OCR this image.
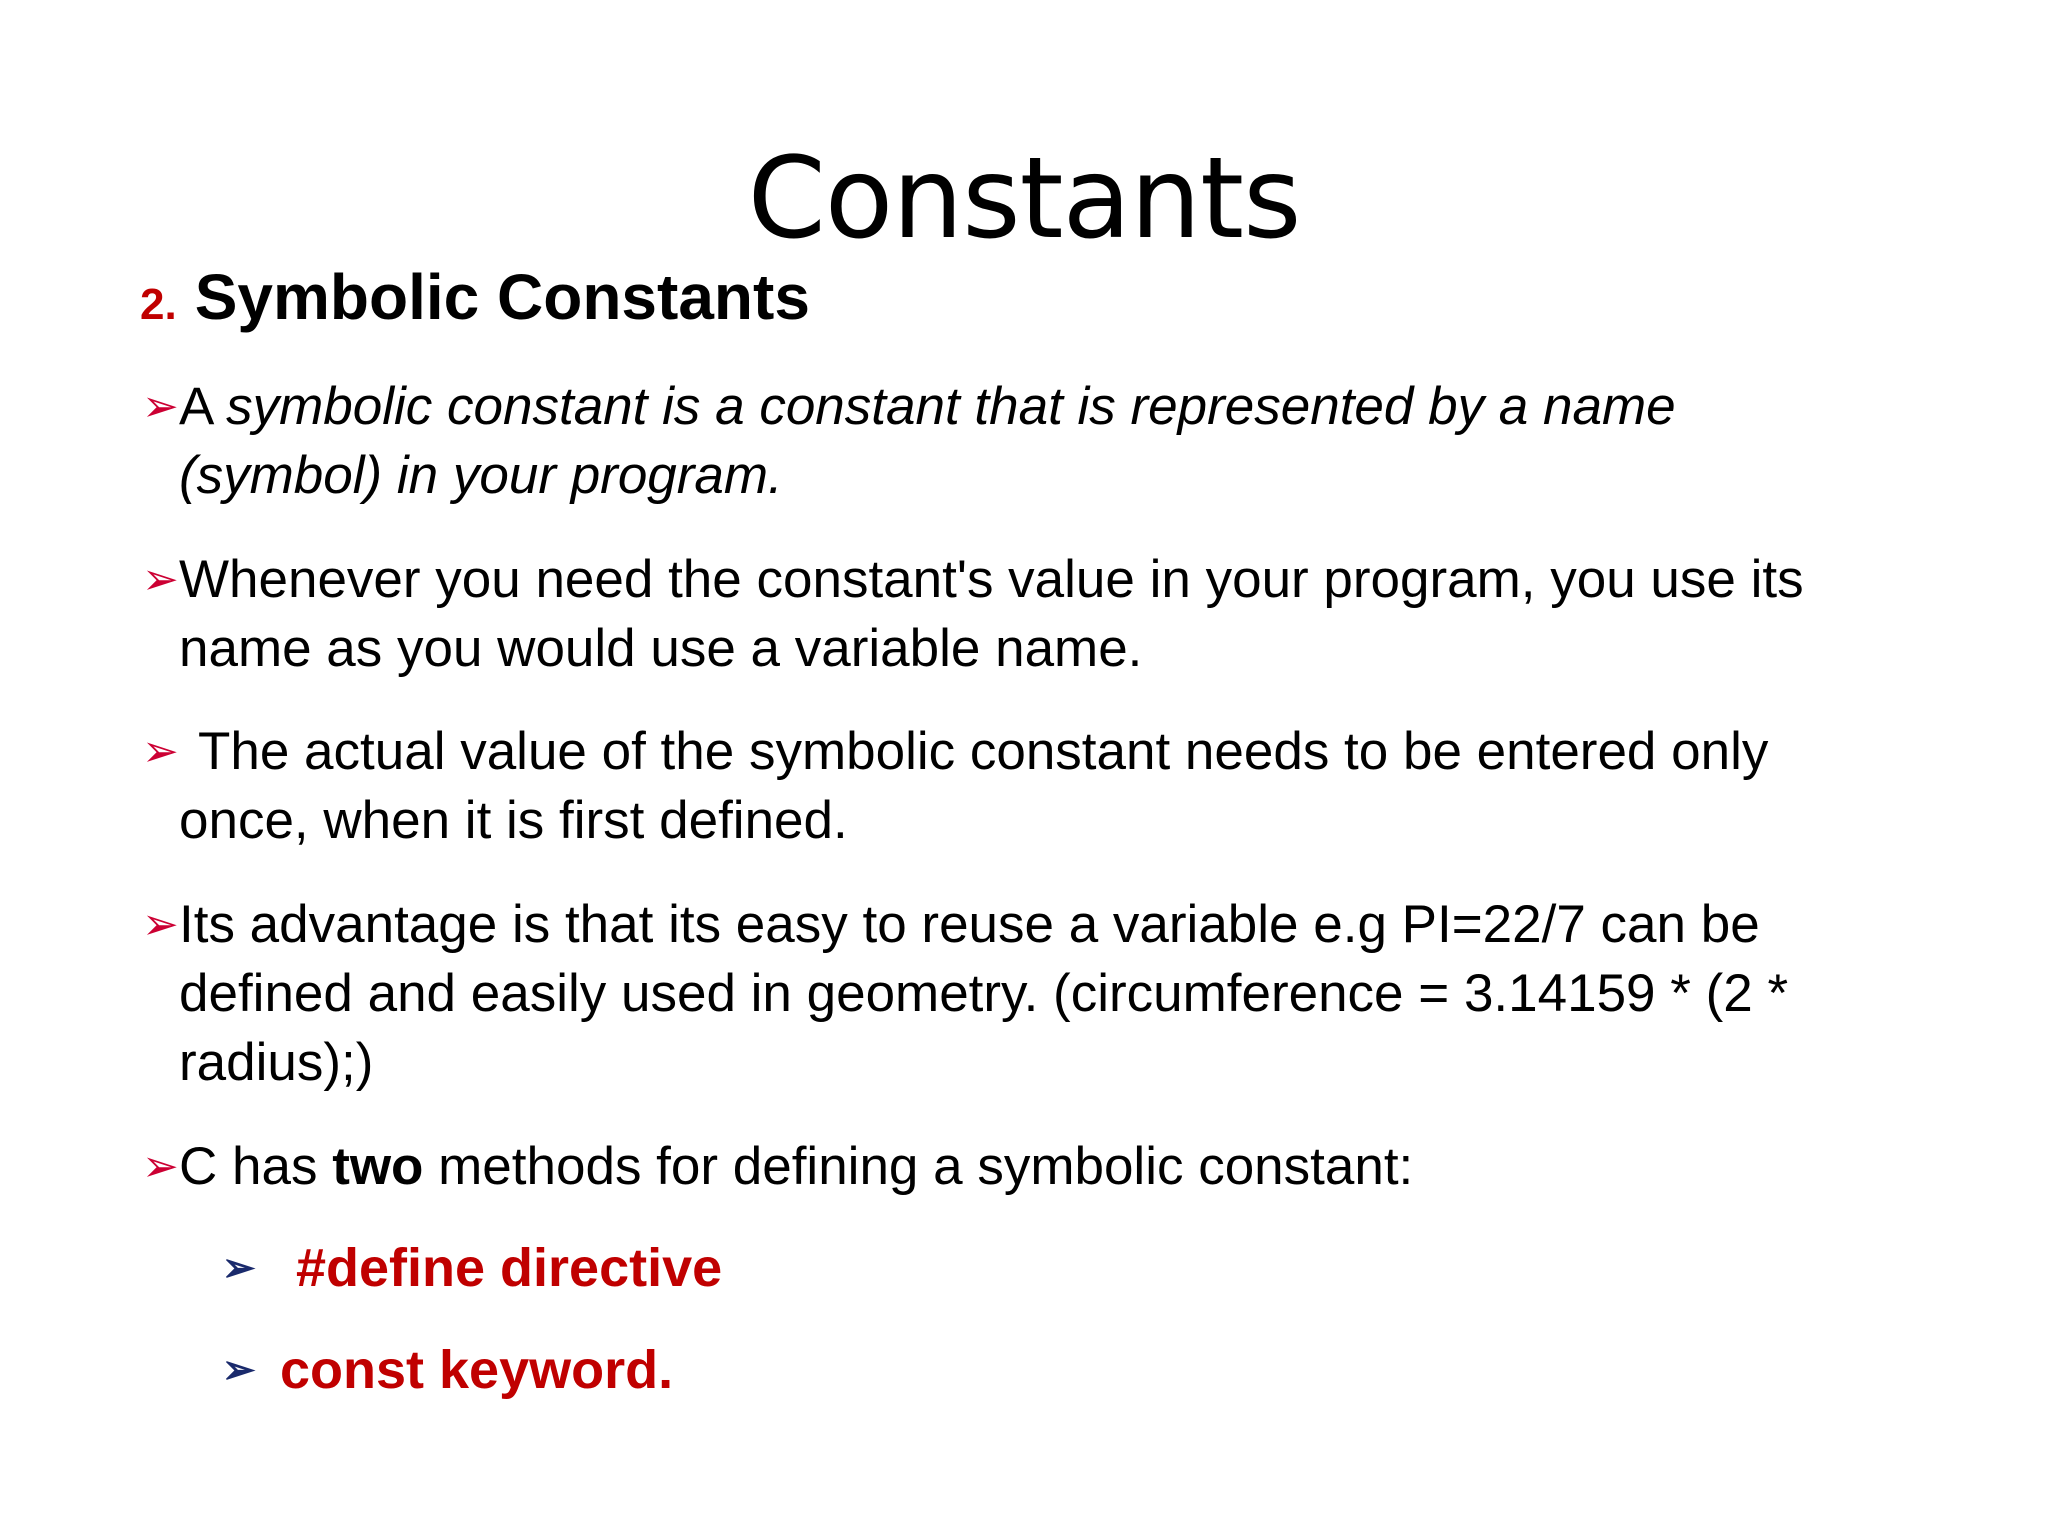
Constants
2. Symbolic Constants
➢ A symbolic constant is a constant that is represented by a name
(symbol) in your program.
➢ Whenever you need the constant's value in your program, you use its
name as you would use a variable name.
➢ The actual value of the symbolic constant needs to be entered only
once, when it is first defined.
➢ Its advantage is that its easy to reuse a variable e.g PI=22/7 can be
defined and easily used in geometry. (circumference = 3.14159 * (2 *
radius);)
➢ C has two methods for defining a symbolic constant:
➢ #define directive
➢ const keyword.
